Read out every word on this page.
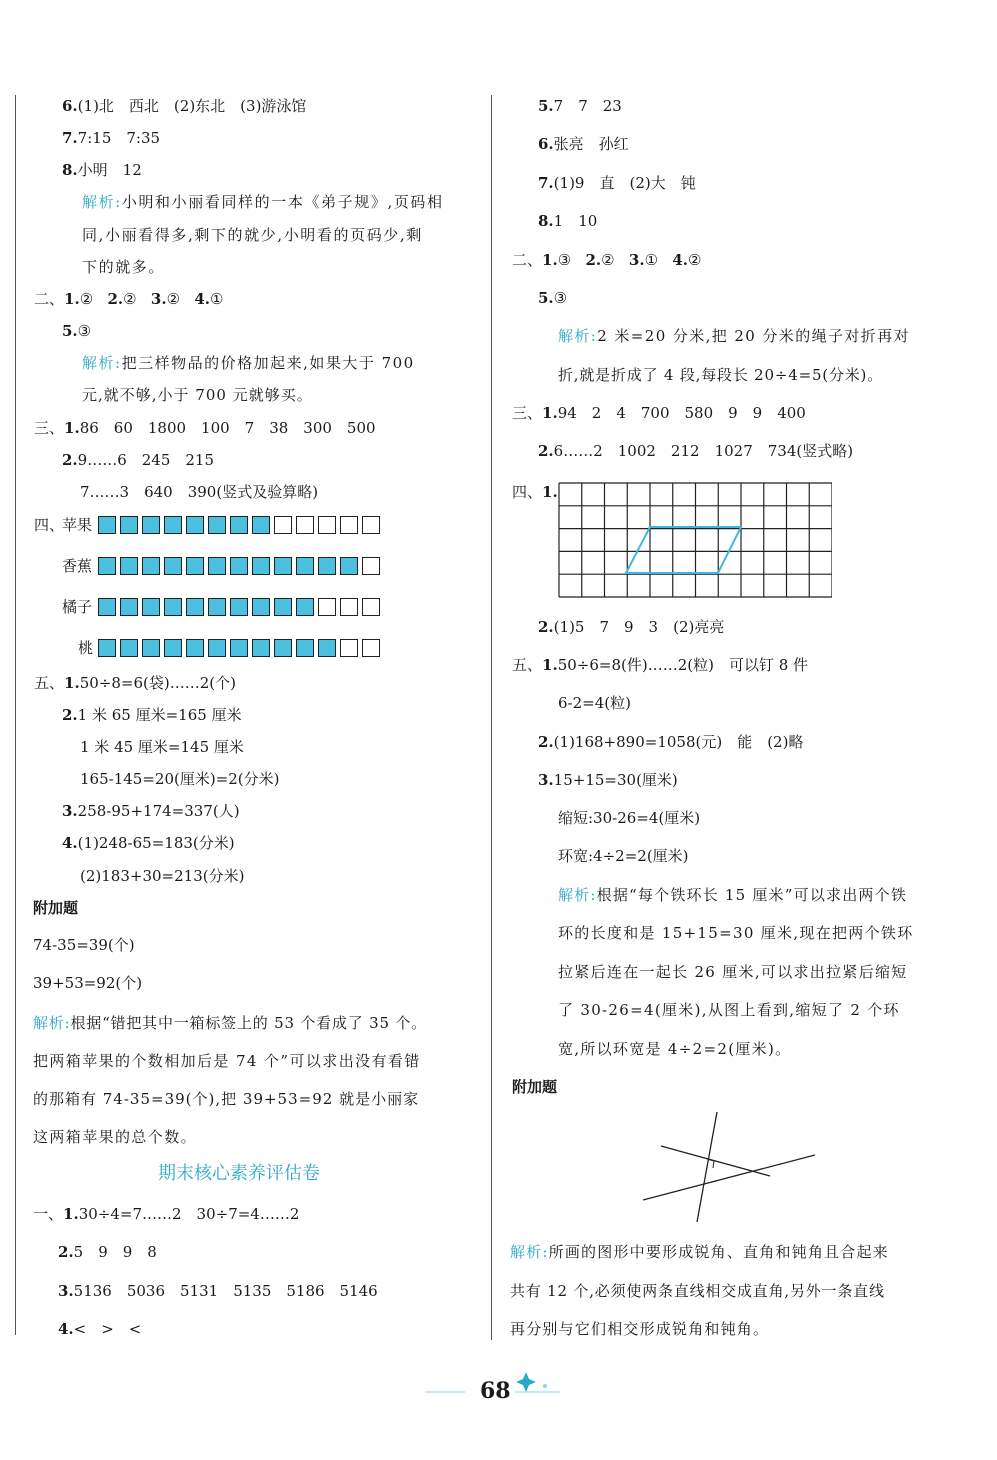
6.(1)北　西北　(2)东北　(3)游泳馆
7.7:15　7:35
8.小明　12
解析:小明和小丽看同样的一本《弟子规》,页码相
同,小丽看得多,剩下的就少,小明看的页码少,剩
下的就多。
二、1.② 2.② 3.② 4.①
5.③
解析:把三样物品的价格加起来,如果大于 700
元,就不够,小于 700 元就够买。
三、1.86　60　1800　100　7　38　300　500
2.9……6　245　215
7……3　640　390(竖式及验算略)
四、
苹果
香蕉
橘子
桃
五、1.50÷8=6(袋)……2(个)
2.1 米 65 厘米=165 厘米
1 米 45 厘米=145 厘米
165-145=20(厘米)=2(分米)
3.258-95+174=337(人)
4.(1)248-65=183(分米)
(2)183+30=213(分米)
附加题
74-35=39(个)
39+53=92(个)
解析:根据“错把其中一箱标签上的 53 个看成了 35 个。
把两箱苹果的个数相加后是 74 个”可以求出没有看错
的那箱有 74-35=39(个),把 39+53=92 就是小丽家
这两箱苹果的总个数。
期末核心素养评估卷
一、1.30÷4=7……2　30÷7=4……2
2.5　9　9　8
3.5136　5036　5131　5135　5186　5146
4.<　>　<
5.7　7　23
6.张亮　孙红
7.(1)9　直　(2)大　钝
8.1　10
二、1.③ 2.② 3.① 4.②
5.③
解析:2 米=20 分米,把 20 分米的绳子对折再对
折,就是折成了 4 段,每段长 20÷4=5(分米)。
三、1.94　2　4　700　580　9　9　400
2.6……2　1002　212　1027　734(竖式略)
四、1.
2.(1)5　7　9　3　(2)亮亮
五、1.50÷6=8(件)……2(粒)　可以钉 8 件
6-2=4(粒)
2.(1)168+890=1058(元)　能　(2)略
3.15+15=30(厘米)
缩短:30-26=4(厘米)
环宽:4÷2=2(厘米)
解析:根据“每个铁环长 15 厘米”可以求出两个铁
环的长度和是 15+15=30 厘米,现在把两个铁环
拉紧后连在一起长 26 厘米,可以求出拉紧后缩短
了 30-26=4(厘米),从图上看到,缩短了 2 个环
宽,所以环宽是 4÷2=2(厘米)。
附加题
解析:所画的图形中要形成锐角、直角和钝角且合起来
共有 12 个,必须使两条直线相交成直角,另外一条直线
再分别与它们相交形成锐角和钝角。
68
